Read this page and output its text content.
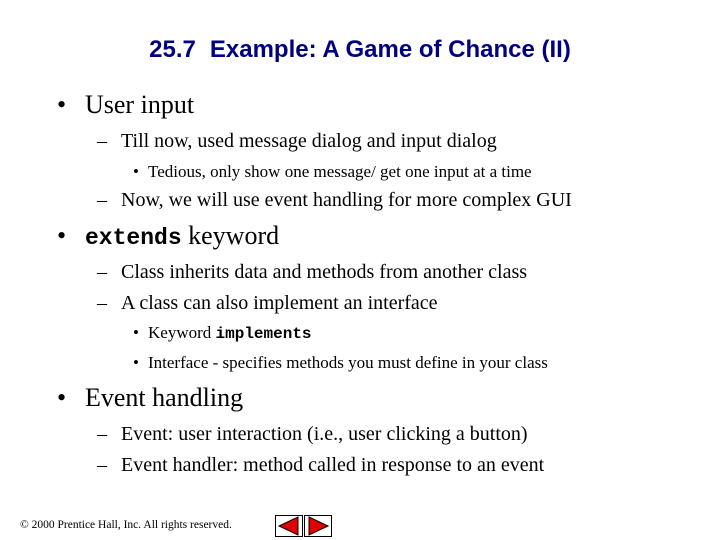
25.7 Example: A Game of Chance (II)
• User input
– Till now, used message dialog and input dialog
• Tedious, only show one message/ get one input at a time
– Now, we will use event handling for more complex GUI
• extends keyword
– Class inherits data and methods from another class
– A class can also implement an interface
• Keyword implements
• Interface - specifies methods you must define in your class
• Event handling
– Event: user interaction (i.e., user clicking a button)
– Event handler: method called in response to an event
© 2000 Prentice Hall, Inc. All rights reserved.
